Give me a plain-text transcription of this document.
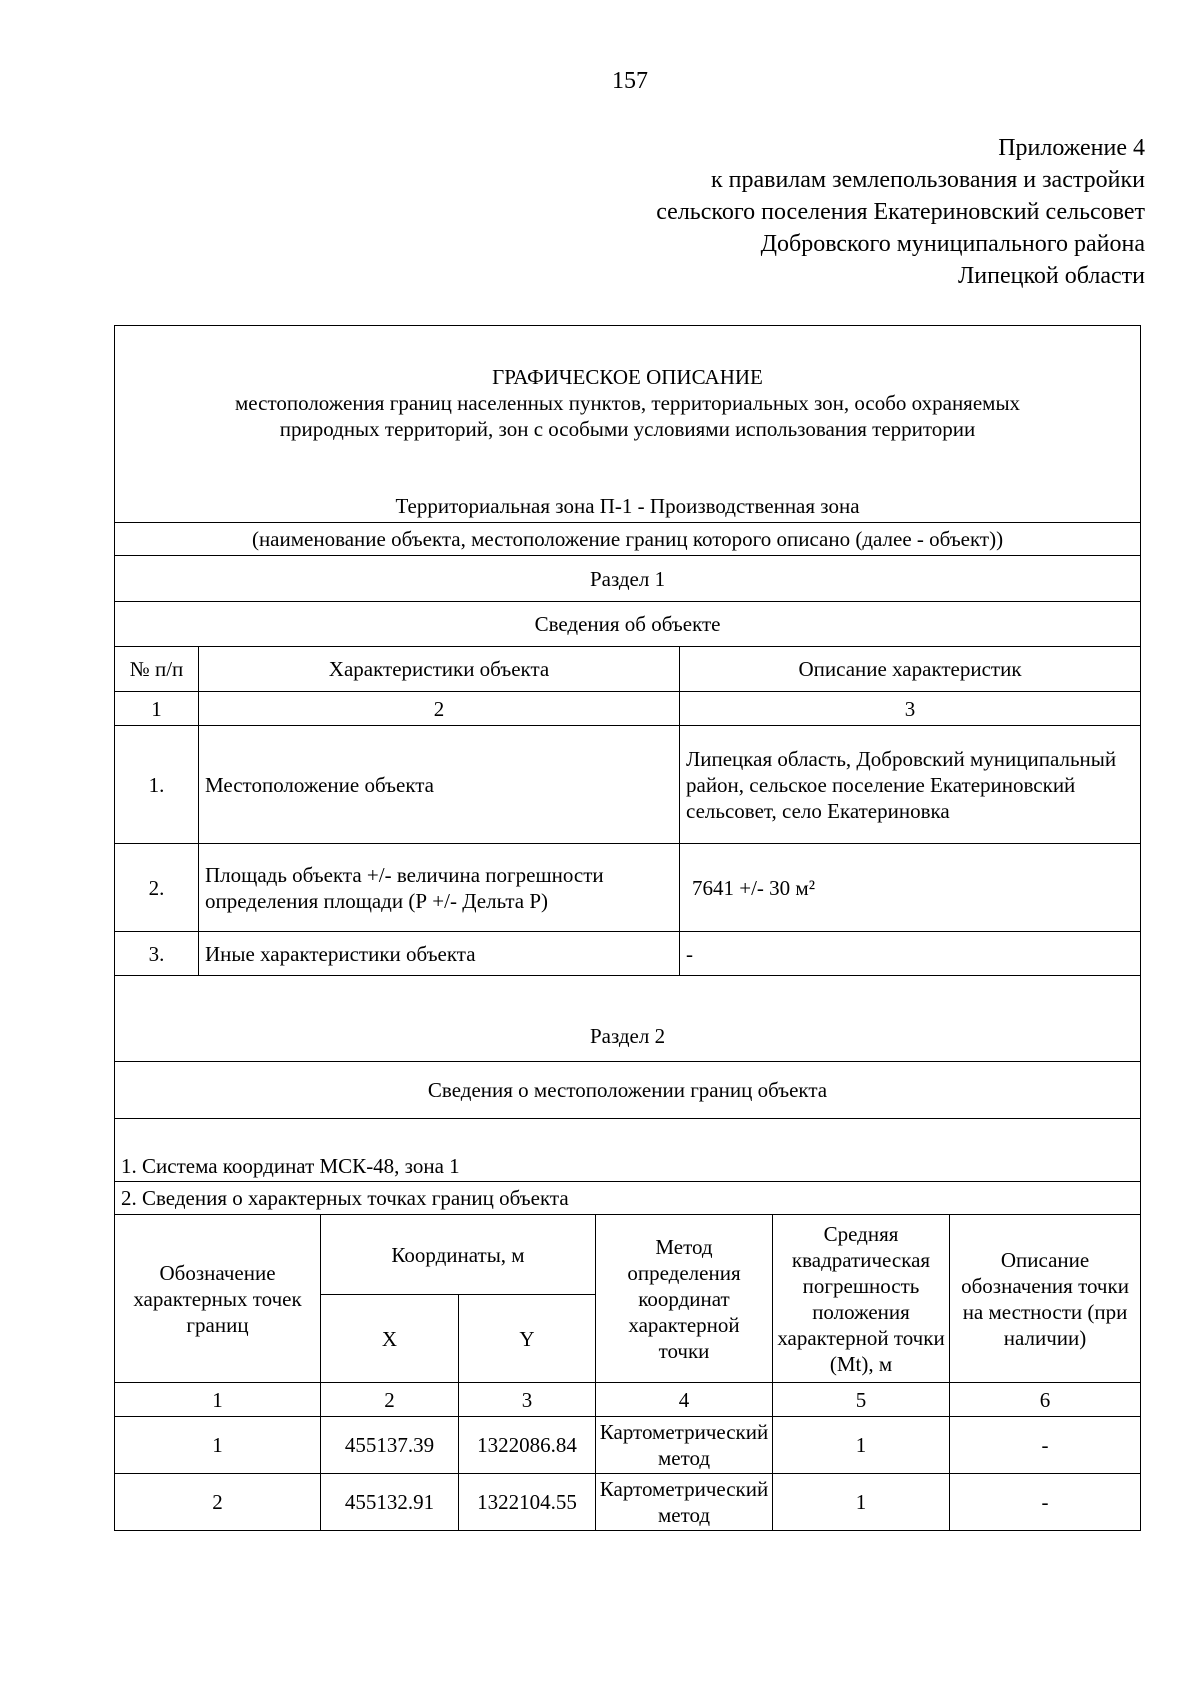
157
Приложение 4
к правилам землепользования и застройки
сельского поселения Екатериновский сельсовет
Добровского муниципального района
Липецкой области
ГРАФИЧЕСКОЕ ОПИСАНИЕ
местоположения границ населенных пунктов, территориальных зон, особо охраняемых
природных территорий, зон с особыми условиями использования территории
Территориальная зона П-1 - Производственная зона							

(наименование объекта, местоположение границ которого описано (далее - объект))							
Раздел 1							
Сведения об объекте							
№ п/п	Характеристики объекта				Описание характеристик		
1	2				3		
1.	Местоположение объекта				Липецкая область, Добровский муниципальный район, сельское поселение Екатериновский сельсовет, село Екатериновка		
2.	Площадь объекта +/- величина погрешности определения площади (Р +/- Дельта Р)				7641 +/- 30 м²		
3.	Иные характеристики объекта				-		
Раздел 2							
Сведения о местоположении границ объекта							
1. Система координат МСК-48, зона 1							
2. Сведения о характерных точках границ объекта							
Обозначение характерных точек границ		Координаты, м		Метод определения координат характерной точки		Средняя квадратическая погрешность положения характерной точки (Mt), м	Описание обозначения точки на местности (при наличии)
		X	Y				
1		2	3	4		5	6
1		455137.39	1322086.84	Картометрический метод		1	-
2		455132.91	1322104.55	Картометрический метод		1	-
